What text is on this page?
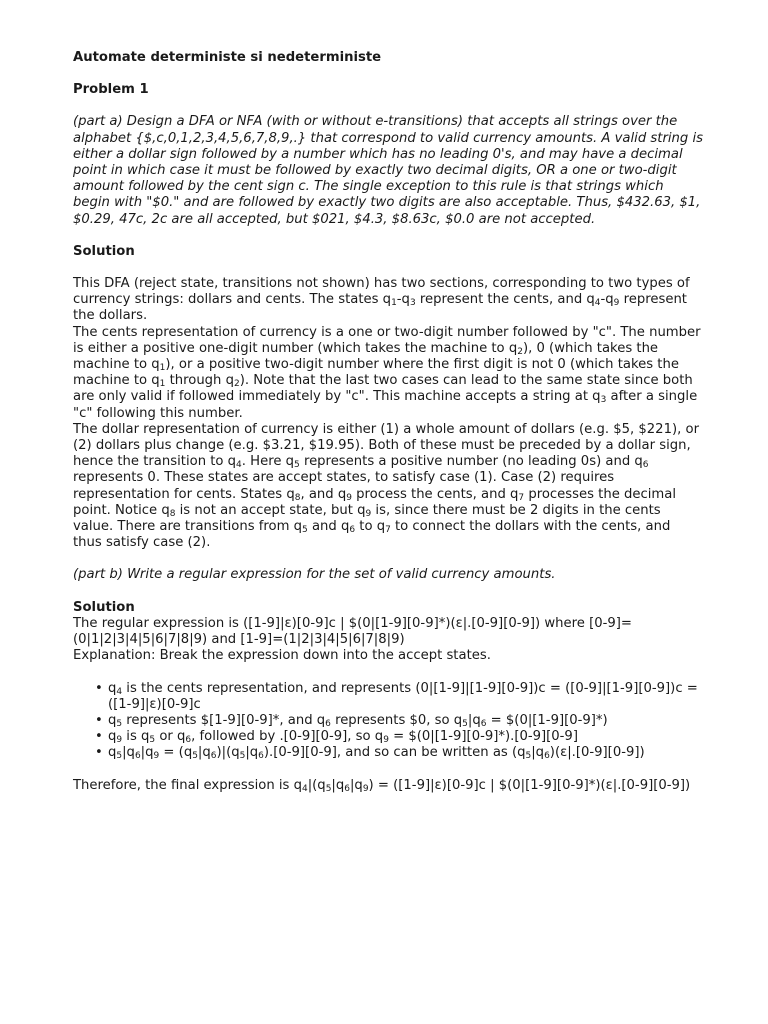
Automate deterministe si nedeterministe

Problem 1

(part a) Design a DFA or NFA (with or without e-transitions) that accepts all strings over the alphabet {$,c,0,1,2,3,4,5,6,7,8,9,.} that correspond to valid currency amounts. A valid string is either a dollar sign followed by a number which has no leading 0's, and may have a decimal point in which case it must be followed by exactly two decimal digits, OR a one or two-digit amount followed by the cent sign c. The single exception to this rule is that strings which begin with "$0." and are followed by exactly two digits are also acceptable. Thus, $432.63, $1, $0.29, 47c, 2c are all accepted, but $021, $4.3, $8.63c, $0.0 are not accepted.

Solution

This DFA (reject state, transitions not shown) has two sections, corresponding to two types of currency strings: dollars and cents. The states $q_1-q_3$ represent the cents, and $q_4-q_9$ represent the dollars.

The cents representation of currency is a one or two-digit number followed by "c". The number is either a positive one-digit number (which takes the machine to $q_2$), 0 (which takes the machine to $q_1$), or a positive two-digit number where the first digit is not 0 (which takes the machine to $q_1$ through $q_2$). Note that the last two cases can lead to the same state since both are only valid if followed immediately by "c". This machine accepts a string at $q_3$ after a single "c" following this number.

The dollar representation of currency is either (1) a whole amount of dollars (e.g. $5, $221), or (2) dollars plus change (e.g. $3.21, $19.95). Both of these must be preceded by a dollar sign, hence the transition to $q_4$. Here $q_5$ represents a positive number (no leading 0s) and $q_6$ represents 0. These states are accept states, to satisfy case (1). Case (2) requires representation for cents. States $q_8$, and $q_9$ process the cents, and $q_7$ processes the decimal point. Notice $q_8$ is not an accept state, but $q_9$ is, since there must be 2 digits in the cents value. There are transitions from $q_5$ and $q_6$ to $q_7$ to connect the dollars with the cents, and thus satisfy case (2).

(part b) Write a regular expression for the set of valid currency amounts.

Solution

The regular expression is ([1-9]|ε)[0-9]c | $(0|[1-9][0-9]*)(ε|.[0-9][0-9]) where [0-9]=(0|1|2|3|4|5|6|7|8|9) and [1-9]=(1|2|3|4|5|6|7|8|9)

Explanation: Break the expression down into the accept states.

• $q_4$ is the cents representation, and represents (0|[1-9]|[1-9][0-9])c = ([0-9]|[1-9][0-9])c = ([1-9]|ε)[0-9]c
• $q_5$ represents $[1-9][0-9]*, and $q_6$ represents $0, so $q_5|q_6$ = $(0|[1-9][0-9]*)
• $q_9$ is $q_5$ or $q_6$, followed by .[0-9][0-9], so $q_9$ = $(0|[1-9][0-9]*).[0-9][0-9]
• $q_5|q_6|q_9 = (q_5|q_6)|(q_5|q_6).[0-9][0-9]$, and so can be written as $(q_5|q_6)(\varepsilon|.[0-9][0-9])$

Therefore, the final expression is $q_4|(q_5|q_6|q_9) = ([1-9]|\varepsilon)[0-9]c$ | $(0|[1-9][0-9]*)(ε|.[0-9][0-9])
